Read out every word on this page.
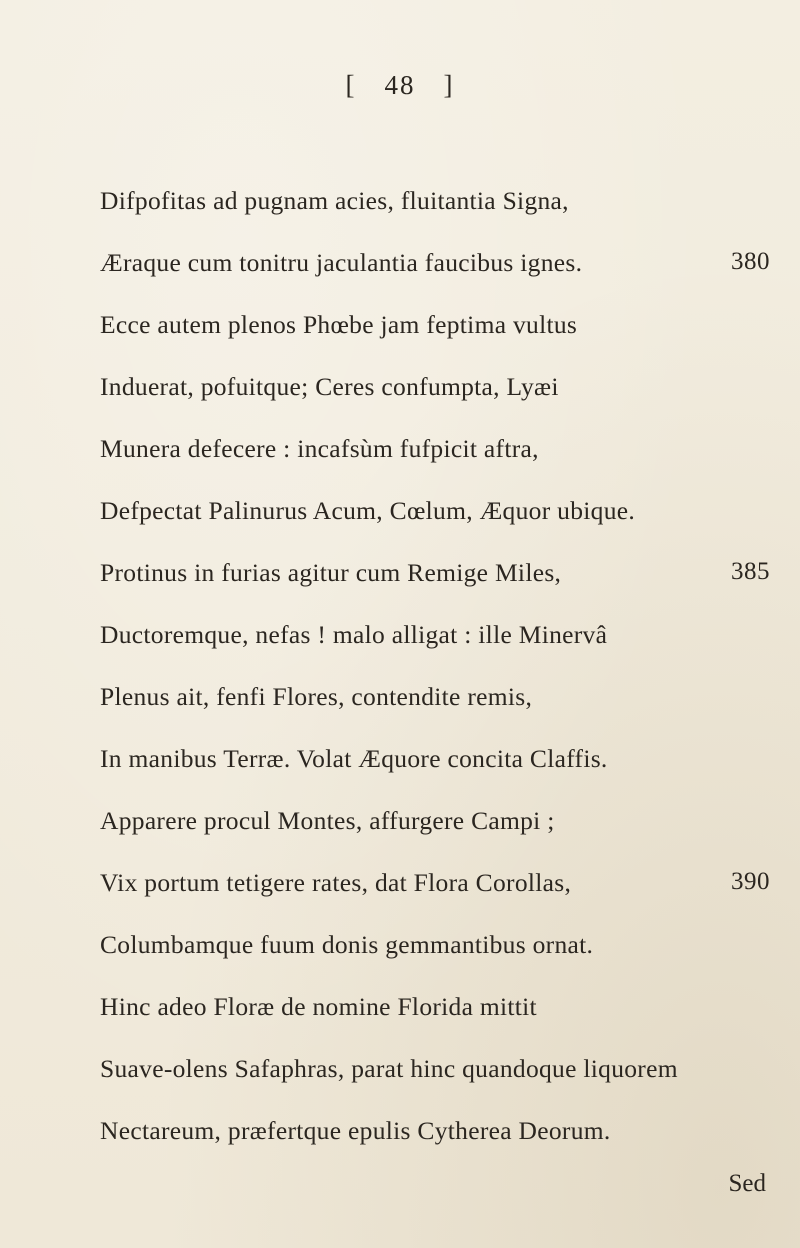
[ 48 ]
Difpofitas ad pugnam acies, fluitantia Signa,
Æraque cum tonitru jaculantia faucibus ignes.	380
Ecce autem plenos Phœbe jam feptima vultus
Induerat, pofuitque; Ceres confumpta, Lyæi
Munera defecere : incafsùm fufpicit aftra,
Defpectat Palinurus Acum, Cœlum, Æquor ubique.
Protinus in furias agitur cum Remige Miles,	385
Ductoremque, nefas ! malo alligat : ille Minervâ
Plenus ait, fenfi Flores, contendite remis,
In manibus Terræ. Volat Æquore concita Claffis.
Apparere procul Montes, affurgere Campi ;
Vix portum tetigere rates, dat Flora Corollas,	390
Columbamque fuum donis gemmantibus ornat.
Hinc adeo Floræ de nomine Florida mittit
Suave-olens Safaphras, parat hinc quandoque liquorem
Nectareum, præfertque epulis Cytherea Deorum.
Sed
